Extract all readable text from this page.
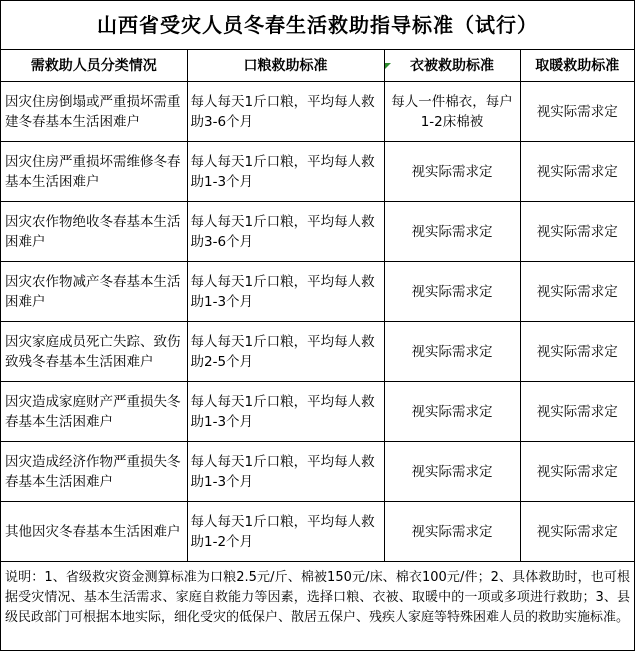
山西省受灾人员冬春生活救助指导标准（试行）
需救助人员分类情况	口粮救助标准	衣被救助标准	取暖救助标准
因灾住房倒塌或严重损坏需重建冬春基本生活困难户	每人每天1斤口粮，平均每人救助3-6个月	每人一件棉衣，每户1-2床棉被	视实际需求定
因灾住房严重损坏需维修冬春基本生活困难户	每人每天1斤口粮，平均每人救助1-3个月	视实际需求定	视实际需求定
因灾农作物绝收冬春基本生活困难户	每人每天1斤口粮，平均每人救助3-6个月	视实际需求定	视实际需求定
因灾农作物减产冬春基本生活困难户	每人每天1斤口粮，平均每人救助1-3个月	视实际需求定	视实际需求定
因灾家庭成员死亡失踪、致伤致残冬春基本生活困难户	每人每天1斤口粮，平均每人救助2-5个月	视实际需求定	视实际需求定
因灾造成家庭财产严重损失冬春基本生活困难户	每人每天1斤口粮，平均每人救助1-3个月	视实际需求定	视实际需求定
因灾造成经济作物严重损失冬春基本生活困难户	每人每天1斤口粮，平均每人救助1-3个月	视实际需求定	视实际需求定
其他因灾冬春基本生活困难户	每人每天1斤口粮，平均每人救助1-2个月	视实际需求定	视实际需求定
说明：1、省级救灾资金测算标准为口粮2.5元/斤、棉被150元/床、棉衣100元/件；2、具体救助时，也可根据受灾情况、基本生活需求、家庭自救能力等因素，选择口粮、衣被、取暖中的一项或多项进行救助；3、县级民政部门可根据本地实际，细化受灾的低保户、散居五保户、残疾人家庭等特殊困难人员的救助实施标准。
